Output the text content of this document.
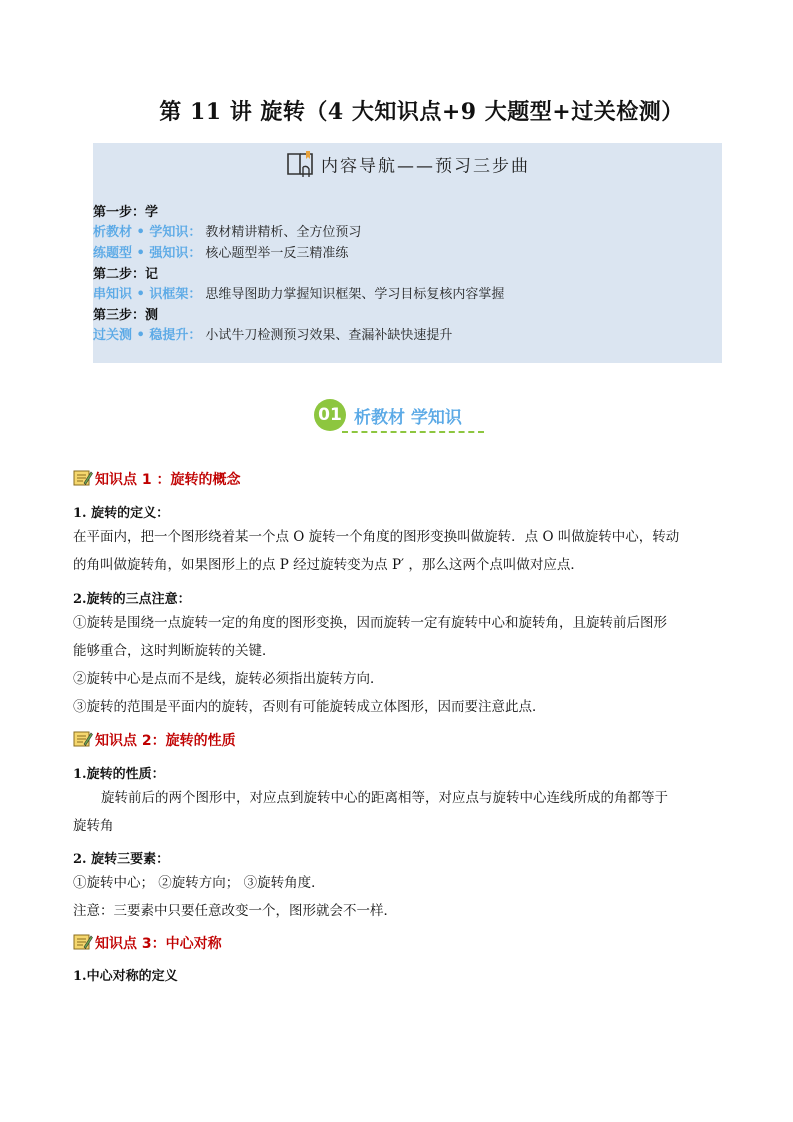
第 11 讲 旋转（4 大知识点+9 大题型+过关检测）
内容导航——预习三步曲
第一步：学
析教材 • 学知识： 教材精讲精析、全方位预习
练题型 • 强知识： 核心题型举一反三精准练
第二步：记
串知识 • 识框架： 思维导图助力掌握知识框架、学习目标复核内容掌握
第三步：测
过关测 • 稳提升： 小试牛刀检测预习效果、查漏补缺快速提升
01 析教材 学知识
知识点 1 ：旋转的概念
1. 旋转的定义：
在平面内，把一个图形绕着某一个点 O 旋转一个角度的图形变换叫做旋转．点 O 叫做旋转中心，转动
的角叫做旋转角，如果图形上的点 P 经过旋转变为点 P′ ，那么这两个点叫做对应点．
2.旋转的三点注意：
①旋转是围绕一点旋转一定的角度的图形变换，因而旋转一定有旋转中心和旋转角，且旋转前后图形
能够重合，这时判断旋转的关键．
②旋转中心是点而不是线，旋转必须指出旋转方向．
③旋转的范围是平面内的旋转，否则有可能旋转成立体图形，因而要注意此点．
知识点 2：旋转的性质
1.旋转的性质：
旋转前后的两个图形中，对应点到旋转中心的距离相等，对应点与旋转中心连线所成的角都等于
旋转角
2. 旋转三要素：
①旋转中心； ②旋转方向； ③旋转角度．
注意：三要素中只要任意改变一个，图形就会不一样．
知识点 3：中心对称
1.中心对称的定义
